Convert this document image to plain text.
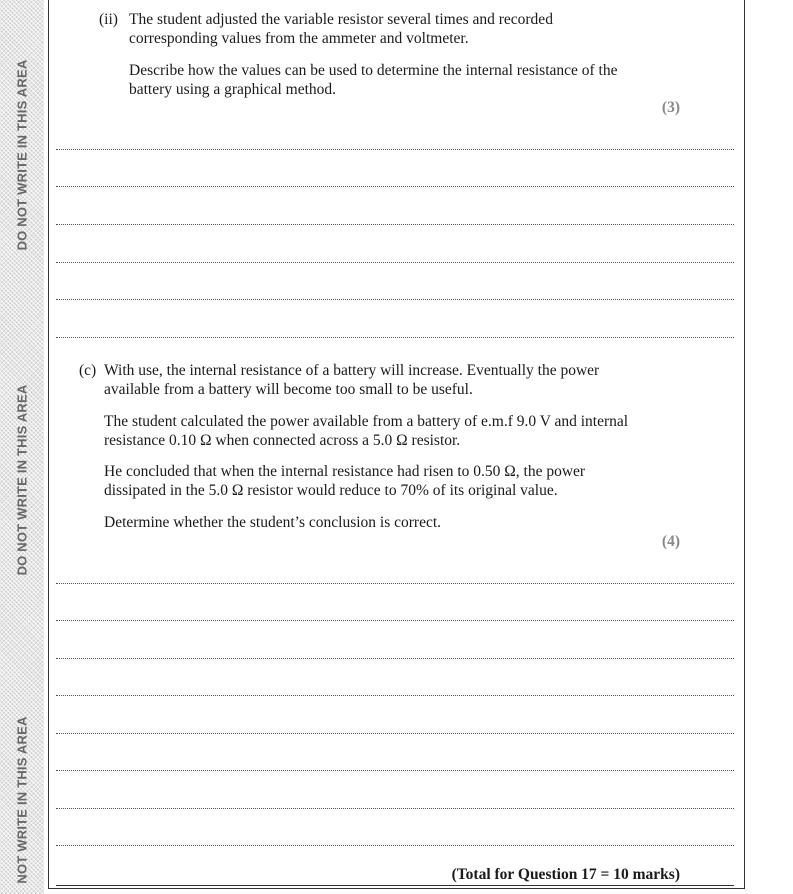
DO NOT WRITE IN THIS AREA
DO NOT WRITE IN THIS AREA
NOT WRITE IN THIS AREA
(ii) The student adjusted the variable resistor several times and recorded
corresponding values from the ammeter and voltmeter.
Describe how the values can be used to determine the internal resistance of the
battery using a graphical method.
(3)
(c) With use, the internal resistance of a battery will increase. Eventually the power
available from a battery will become too small to be useful.
The student calculated the power available from a battery of e.m.f 9.0 V and internal
resistance 0.10 Ω when connected across a 5.0 Ω resistor.
He concluded that when the internal resistance had risen to 0.50 Ω, the power
dissipated in the 5.0 Ω resistor would reduce to 70% of its original value.
Determine whether the student’s conclusion is correct.
(4)
(Total for Question 17 = 10 marks)
